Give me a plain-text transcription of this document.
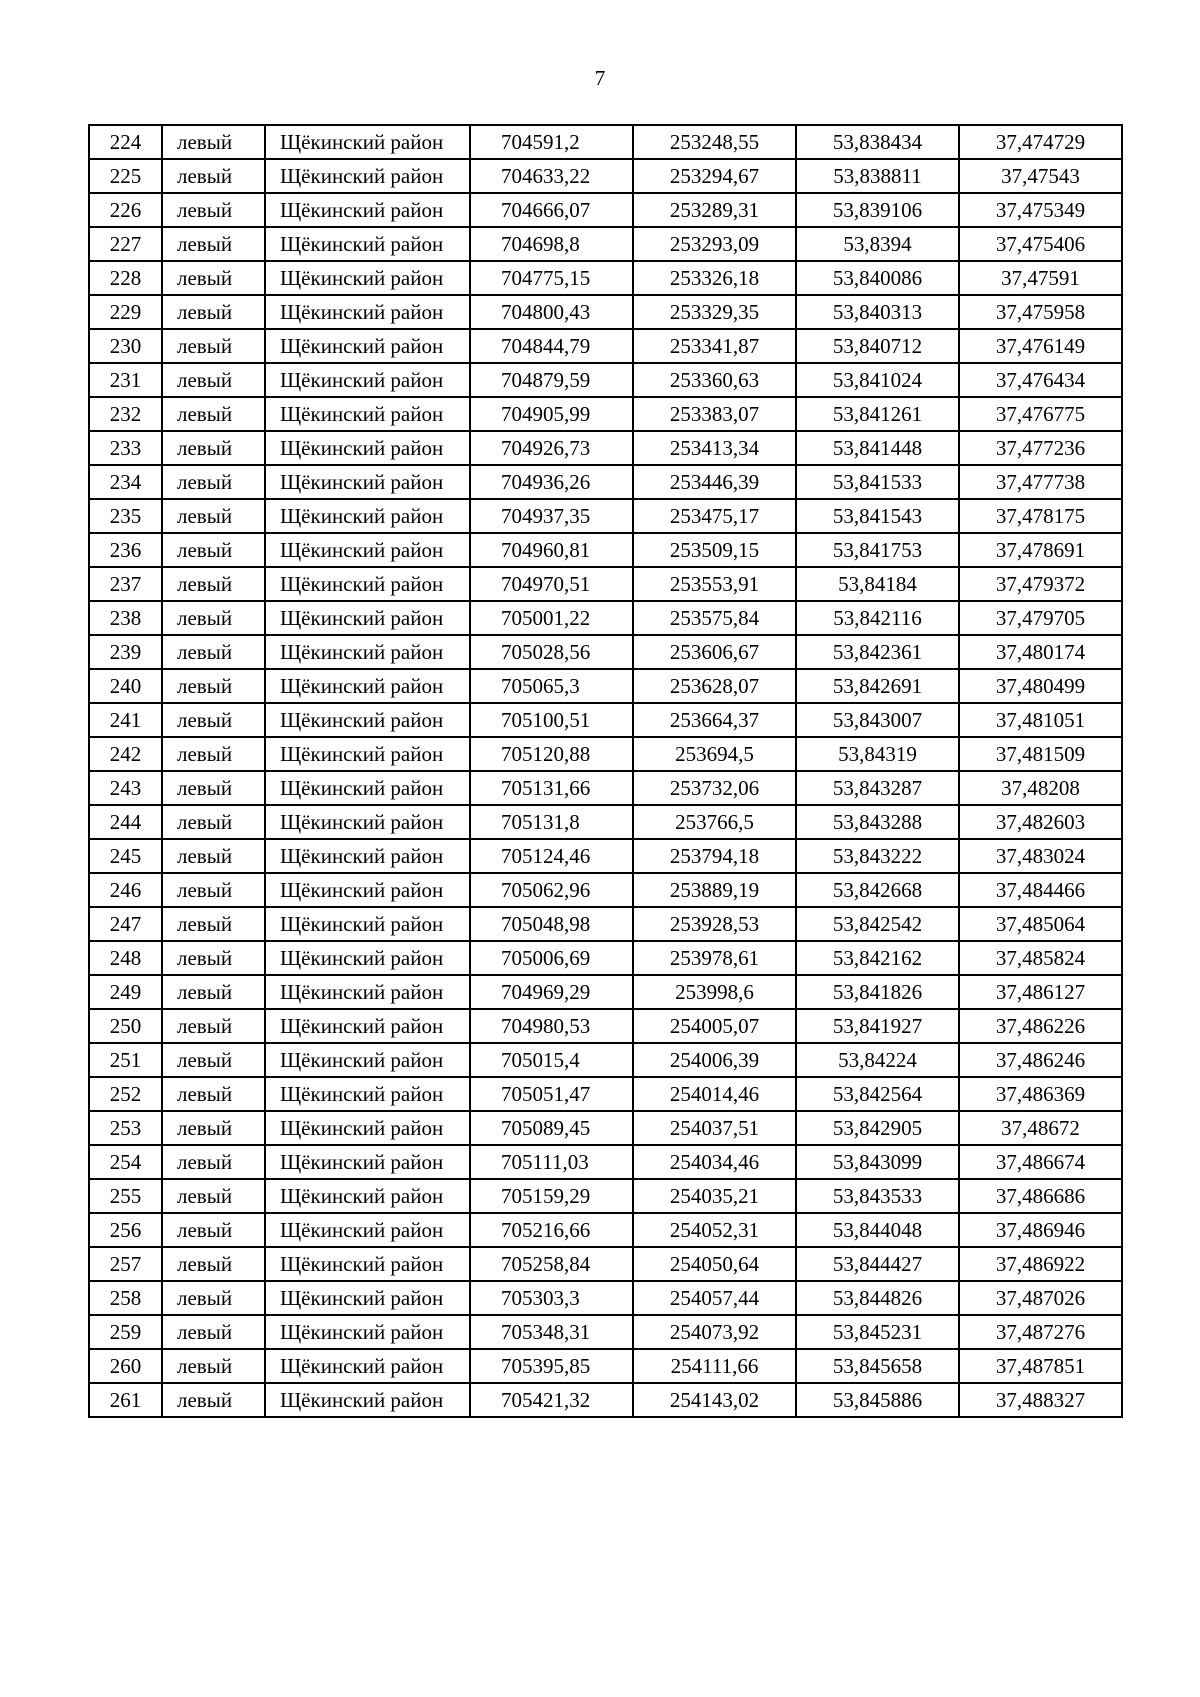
7
224	левый	Щёкинский район	704591,2	253248,55	53,838434	37,474729
225	левый	Щёкинский район	704633,22	253294,67	53,838811	37,47543
226	левый	Щёкинский район	704666,07	253289,31	53,839106	37,475349
227	левый	Щёкинский район	704698,8	253293,09	53,8394	37,475406
228	левый	Щёкинский район	704775,15	253326,18	53,840086	37,47591
229	левый	Щёкинский район	704800,43	253329,35	53,840313	37,475958
230	левый	Щёкинский район	704844,79	253341,87	53,840712	37,476149
231	левый	Щёкинский район	704879,59	253360,63	53,841024	37,476434
232	левый	Щёкинский район	704905,99	253383,07	53,841261	37,476775
233	левый	Щёкинский район	704926,73	253413,34	53,841448	37,477236
234	левый	Щёкинский район	704936,26	253446,39	53,841533	37,477738
235	левый	Щёкинский район	704937,35	253475,17	53,841543	37,478175
236	левый	Щёкинский район	704960,81	253509,15	53,841753	37,478691
237	левый	Щёкинский район	704970,51	253553,91	53,84184	37,479372
238	левый	Щёкинский район	705001,22	253575,84	53,842116	37,479705
239	левый	Щёкинский район	705028,56	253606,67	53,842361	37,480174
240	левый	Щёкинский район	705065,3	253628,07	53,842691	37,480499
241	левый	Щёкинский район	705100,51	253664,37	53,843007	37,481051
242	левый	Щёкинский район	705120,88	253694,5	53,84319	37,481509
243	левый	Щёкинский район	705131,66	253732,06	53,843287	37,48208
244	левый	Щёкинский район	705131,8	253766,5	53,843288	37,482603
245	левый	Щёкинский район	705124,46	253794,18	53,843222	37,483024
246	левый	Щёкинский район	705062,96	253889,19	53,842668	37,484466
247	левый	Щёкинский район	705048,98	253928,53	53,842542	37,485064
248	левый	Щёкинский район	705006,69	253978,61	53,842162	37,485824
249	левый	Щёкинский район	704969,29	253998,6	53,841826	37,486127
250	левый	Щёкинский район	704980,53	254005,07	53,841927	37,486226
251	левый	Щёкинский район	705015,4	254006,39	53,84224	37,486246
252	левый	Щёкинский район	705051,47	254014,46	53,842564	37,486369
253	левый	Щёкинский район	705089,45	254037,51	53,842905	37,48672
254	левый	Щёкинский район	705111,03	254034,46	53,843099	37,486674
255	левый	Щёкинский район	705159,29	254035,21	53,843533	37,486686
256	левый	Щёкинский район	705216,66	254052,31	53,844048	37,486946
257	левый	Щёкинский район	705258,84	254050,64	53,844427	37,486922
258	левый	Щёкинский район	705303,3	254057,44	53,844826	37,487026
259	левый	Щёкинский район	705348,31	254073,92	53,845231	37,487276
260	левый	Щёкинский район	705395,85	254111,66	53,845658	37,487851
261	левый	Щёкинский район	705421,32	254143,02	53,845886	37,488327
